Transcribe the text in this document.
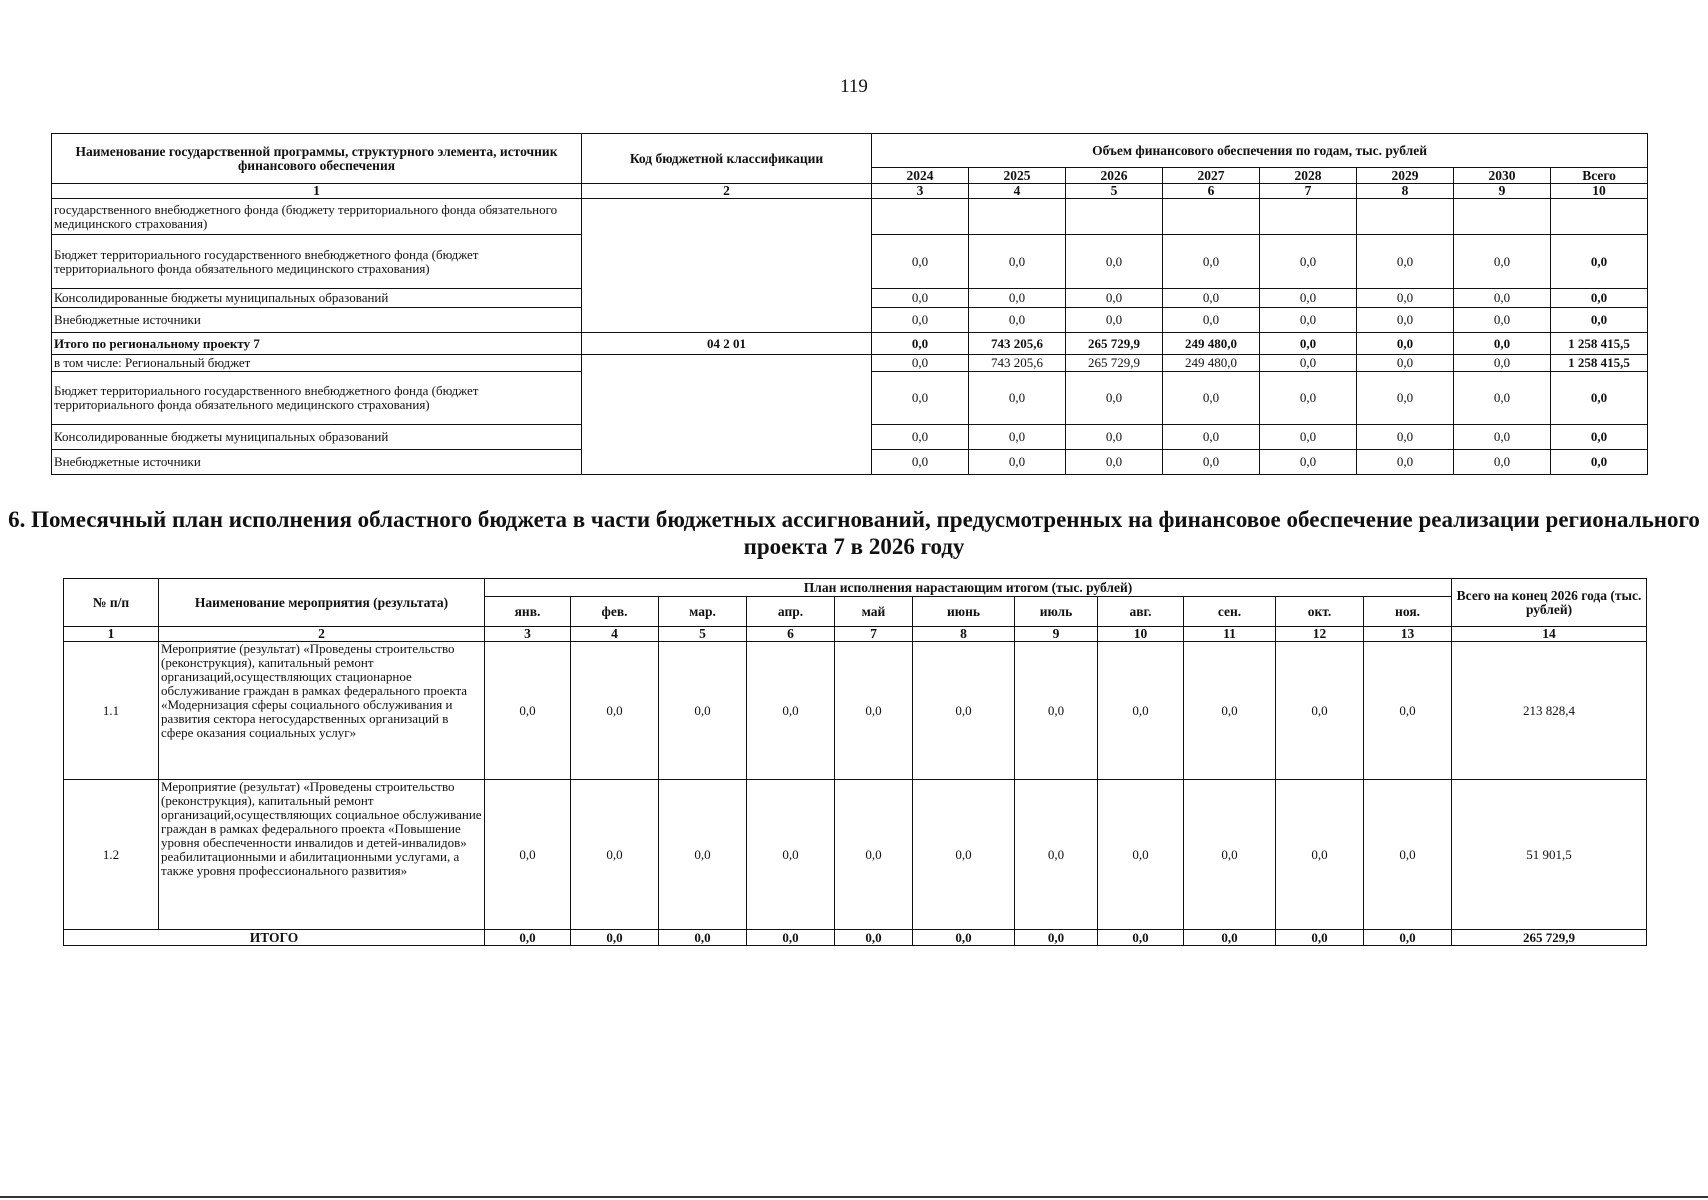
119
Наименование государственной программы, структурного элемента, источник финансового обеспечения	Код бюджетной классификации	Объем финансового обеспечения по годам, тыс. рублей							
		2024	2025	2026	2027	2028	2029	2030	Всего
1	2	3	4	5	6	7	8	9	10
государственного внебюджетного фонда (бюджету территориального фонда обязательного медицинского страхования)									
Бюджет территориального государственного внебюджетного фонда (бюджет территориального фонда обязательного медицинского страхования)		0,0	0,0	0,0	0,0	0,0	0,0	0,0	0,0
Консолидированные бюджеты муниципальных образований		0,0	0,0	0,0	0,0	0,0	0,0	0,0	0,0
Внебюджетные источники		0,0	0,0	0,0	0,0	0,0	0,0	0,0	0,0
Итого по региональному проекту 7	04 2 01	0,0	743 205,6	265 729,9	249 480,0	0,0	0,0	0,0	1 258 415,5
в том числе: Региональный бюджет		0,0	743 205,6	265 729,9	249 480,0	0,0	0,0	0,0	1 258 415,5
Бюджет территориального государственного внебюджетного фонда (бюджет территориального фонда обязательного медицинского страхования)		0,0	0,0	0,0	0,0	0,0	0,0	0,0	0,0
Консолидированные бюджеты муниципальных образований		0,0	0,0	0,0	0,0	0,0	0,0	0,0	0,0
Внебюджетные источники		0,0	0,0	0,0	0,0	0,0	0,0	0,0	0,0
6. Помесячный план исполнения областного бюджета в части бюджетных ассигнований, предусмотренных на финансовое обеспечение реализации регионального проекта 7 в 2026 году
№ п/п	Наименование мероприятия (результата)	План исполнения нарастающим итогом (тыс. рублей)											Всего на конец 2026 года (тыс. рублей)
		янв.	фев.	мар.	апр.	май	июнь	июль	авг.	сен.	окт.	ноя.	
1	2	3	4	5	6	7	8	9	10	11	12	13	14
1.1	Мероприятие (результат) «Проведены строительство (реконструкция), капитальный ремонт организаций,осуществляющих стационарное обслуживание граждан в рамках федерального проекта «Модернизация сферы социального обслуживания и развития сектора негосударственных организаций в сфере оказания социальных услуг»	0,0	0,0	0,0	0,0	0,0	0,0	0,0	0,0	0,0	0,0	0,0	213 828,4
1.2	Мероприятие (результат) «Проведены строительство (реконструкция), капитальный ремонт организаций,осуществляющих социальное обслуживание граждан в рамках федерального проекта «Повышение уровня обеспеченности инвалидов и детей-инвалидов» реабилитационными и абилитационными услугами, а также уровня профессионального развития»	0,0	0,0	0,0	0,0	0,0	0,0	0,0	0,0	0,0	0,0	0,0	51 901,5
ИТОГО		0,0	0,0	0,0	0,0	0,0	0,0	0,0	0,0	0,0	0,0	0,0	265 729,9
